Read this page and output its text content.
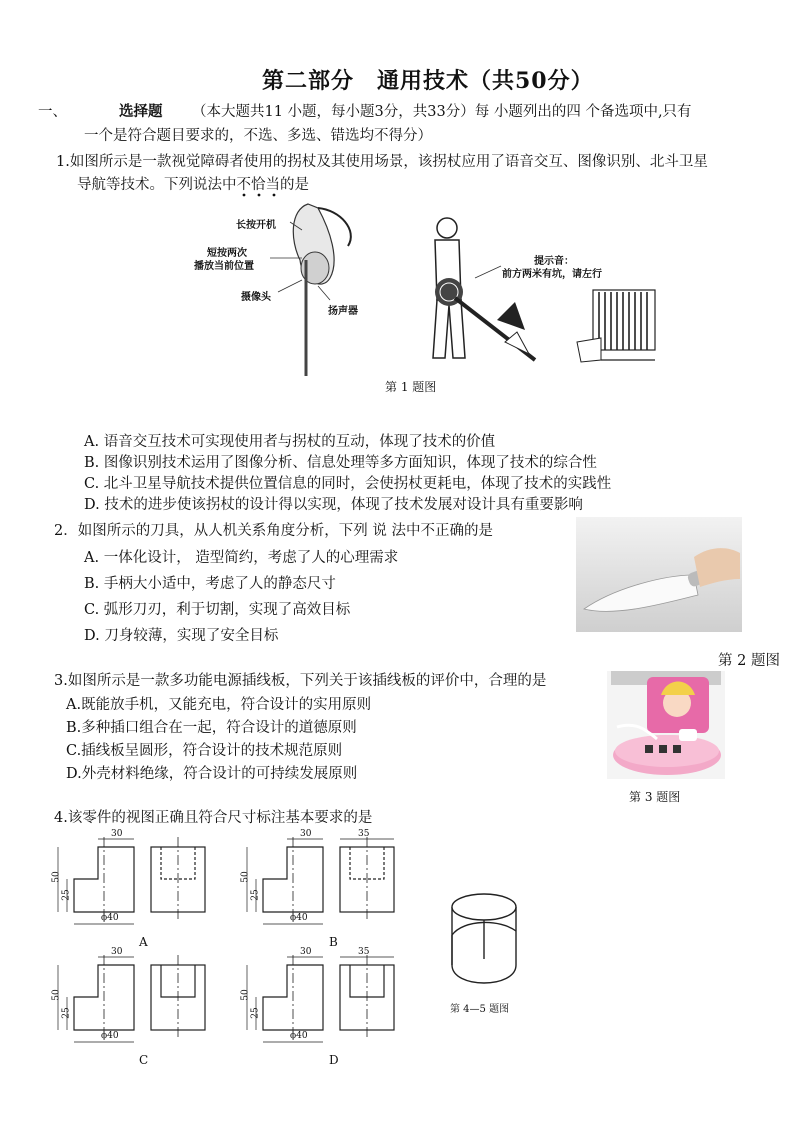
第二部分　通用技术（共50分）
一、	选择题 （本大题共11 小题，每小题3分，共33分）每 小题列出的四 个备选项中,只有
一个是符合题目要求的，不选、多选、错选均不得分）
1.如图所示是一款视觉障碍者使用的拐杖及其使用场景，该拐杖应用了语音交互、图像识别、北斗卫星
导航等技术。下列说法中不恰当的是
长按开机
短按两次
播放当前位置
摄像头
扬声器
提示音：
前方两米有坑，请左行
第 1 题图
A. 语音交互技术可实现使用者与拐杖的互动，体现了技术的价值
B. 图像识别技术运用了图像分析、信息处理等多方面知识，体现了技术的综合性
C. 北斗卫星导航技术提供位置信息的同时，会使拐杖更耗电，体现了技术的实践性
D. 技术的进步使该拐杖的设计得以实现，体现了技术发展对设计具有重要影响
2．如图所示的刀具，从人机关系角度分析，下列 说 法中不正确的是
A. 一体化设计， 造型简约，考虑了人的心理需求
B. 手柄大小适中，考虑了人的静态尺寸
C. 弧形刀刃，利于切割，实现了高效目标
D. 刀身较薄，实现了安全目标
第 2 题图
3.如图所示是一款多功能电源插线板，下列关于该插线板的评价中，合理的是
A.既能放手机，又能充电，符合设计的实用原则
B.多种插口组合在一起，符合设计的道德原则
C.插线板呈圆形，符合设计的技术规范原则
D.外壳材料绝缘，符合设计的可持续发展原则
第 3 题图
4.该零件的视图正确且符合尺寸标注基本要求的是
30
50
25
ϕ40
A
30	35
50
25
ϕ40
B
第 4—5 题图
30
50
25
ϕ40
C
30	35
50
25
ϕ40
D
